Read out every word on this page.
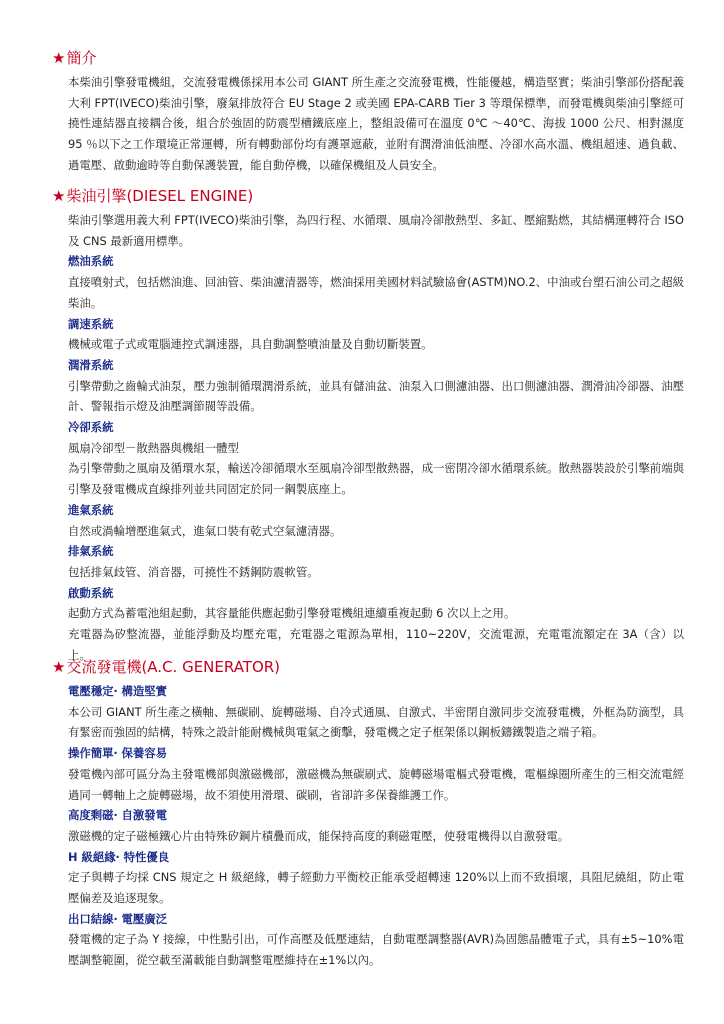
★ 簡介

本柴油引擎發電機組，交流發電機係採用本公司 GIANT 所生產之交流發電機，性能優越，構造堅實；柴油引擎部份搭配義大利 FPT(IVECO)柴油引擎，廢氣排放符合 EU Stage 2 或美國 EPA-CARB Tier 3 等環保標準，而發電機與柴油引擎經可撓性連結器直接耦合後，組合於強固的防震型槽鐵底座上，整組設備可在溫度 0℃ ～40℃、海拔 1000 公尺、相對濕度 95 ％以下之工作環境正常運轉，所有轉動部份均有護罩遮蔽，並附有潤滑油低油壓、冷卻水高水溫、機組超速、過負載、過電壓、啟動逾時等自動保護裝置，能自動停機，以確保機組及人員安全。

★ 柴油引擎(DIESEL ENGINE)

柴油引擎選用義大利 FPT(IVECO)柴油引擎，為四行程、水循環、風扇冷卻散熱型、多缸、壓縮點燃，其結構運轉符合 ISO 及 CNS 最新適用標準。

燃油系統

直接噴射式，包括燃油進、回油管、柴油濾清器等，燃油採用美國材料試驗協會(ASTM)NO.2、中油或台塑石油公司之超級柴油。

調速系統

機械或電子式或電腦連控式調速器，具自動調整噴油量及自動切斷裝置。

潤滑系統

引擎帶動之齒輪式油泵，壓力強制循環潤滑系統，並具有儲油盆、油泵入口側濾油器、出口側濾油器、潤滑油冷卻器、油壓計、警報指示燈及油壓調節閥等設備。

冷卻系統

風扇冷卻型－散熱器與機組一體型

為引擎帶動之風扇及循環水泵，輸送冷卻循環水至風扇冷卻型散熱器，成一密閉冷卻水循環系統。散熱器裝設於引擎前端與引擎及發電機成直線排列並共同固定於同一鋼製底座上。

進氣系統

自然或渦輪增壓進氣式，進氣口裝有乾式空氣濾清器。

排氣系統

包括排氣歧管、消音器，可撓性不銹鋼防震軟管。

啟動系統

起動方式為蓄電池組起動，其容量能供應起動引擎發電機組連續重複起動 6 次以上之用。

充電器為矽整流器，並能浮動及均壓充電，充電器之電源為單相，110~220V，交流電源，充電電流額定在 3A（含）以上。

★ 交流發電機(A.C. GENERATOR)

電壓穩定‧ 構造堅實

本公司 GIANT 所生產之橫軸、無碳刷、旋轉磁場、自冷式通風、自激式、半密閉自激同步交流發電機，外框為防滴型，具有緊密而強固的結構，特殊之設計能耐機械與電氣之衝擊，發電機之定子框架係以鋼板鑄鐵製造之端子箱。

操作簡單‧ 保養容易

發電機內部可區分為主發電機部與激磁機部，激磁機為無碳刷式、旋轉磁場電樞式發電機，電樞線圈所產生的三相交流電經過同一轉軸上之旋轉磁場，故不須使用滑環、碳刷，省卻許多保養維護工作。

高度剩磁‧ 自激發電

激磁機的定子磁極鐵心片由特殊矽鋼片積疊而成，能保持高度的剩磁電壓，使發電機得以自激發電。

H 級絕緣‧ 特性優良

定子與轉子均採 CNS 規定之 H 級絕緣，轉子經動力平衡校正能承受超轉速 120%以上而不致損壞，具阻尼繞組，防止電壓偏差及追逐現象。

出口結線‧ 電壓廣泛

發電機的定子為 Y 接線，中性點引出，可作高壓及低壓連結，自動電壓調整器(AVR)為固態晶體電子式，具有±5~10%電壓調整範圍，從空載至滿載能自動調整電壓維持在±1%以內。
